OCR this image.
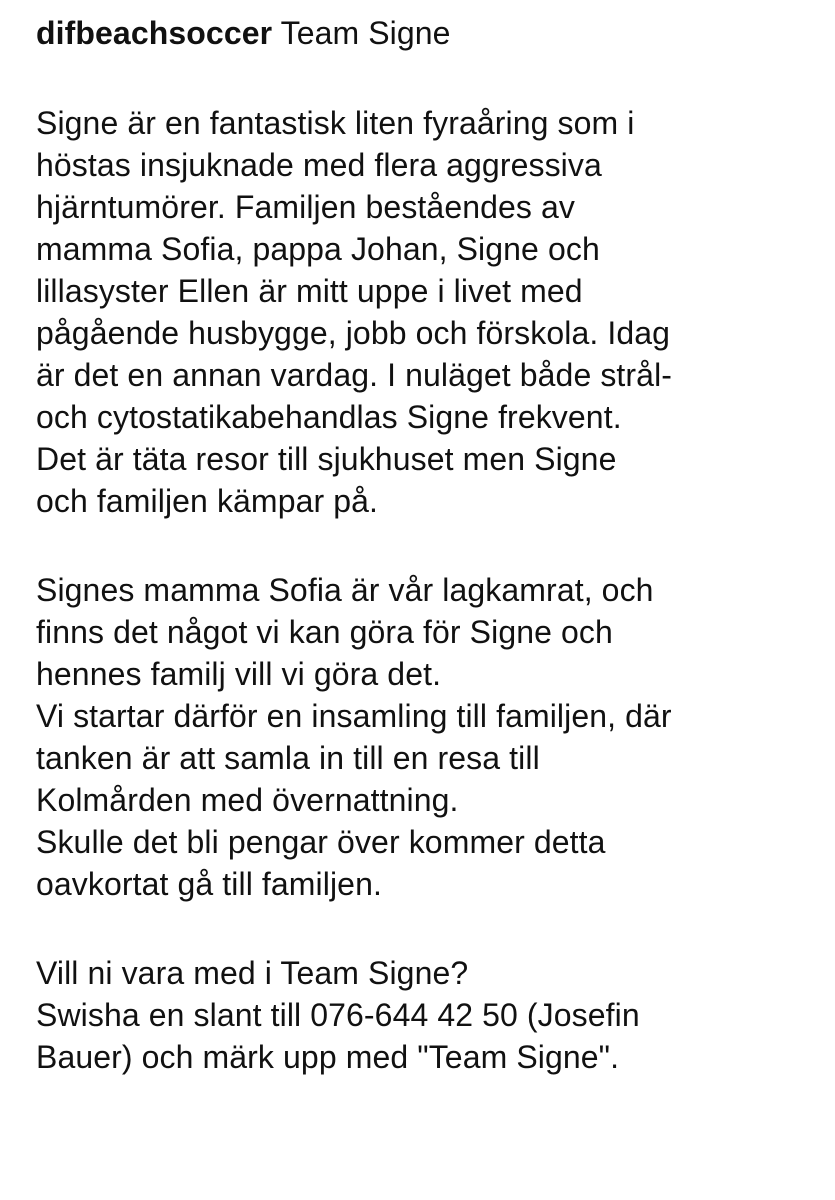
difbeachsoccer Team Signe
Signe är en fantastisk liten fyraåring som i
höstas insjuknade med flera aggressiva
hjärntumörer. Familjen beståendes av
mamma Sofia, pappa Johan, Signe och
lillasyster Ellen är mitt uppe i livet med
pågående husbygge, jobb och förskola. Idag
är det en annan vardag. I nuläget både strål-
och cytostatikabehandlas Signe frekvent.
Det är täta resor till sjukhuset men Signe
och familjen kämpar på.
Signes mamma Sofia är vår lagkamrat, och
finns det något vi kan göra för Signe och
hennes familj vill vi göra det.
Vi startar därför en insamling till familjen, där
tanken är att samla in till en resa till
Kolmården med övernattning.
Skulle det bli pengar över kommer detta
oavkortat gå till familjen.
Vill ni vara med i Team Signe?
Swisha en slant till 076-644 42 50 (Josefin
Bauer) och märk upp med "Team Signe".
